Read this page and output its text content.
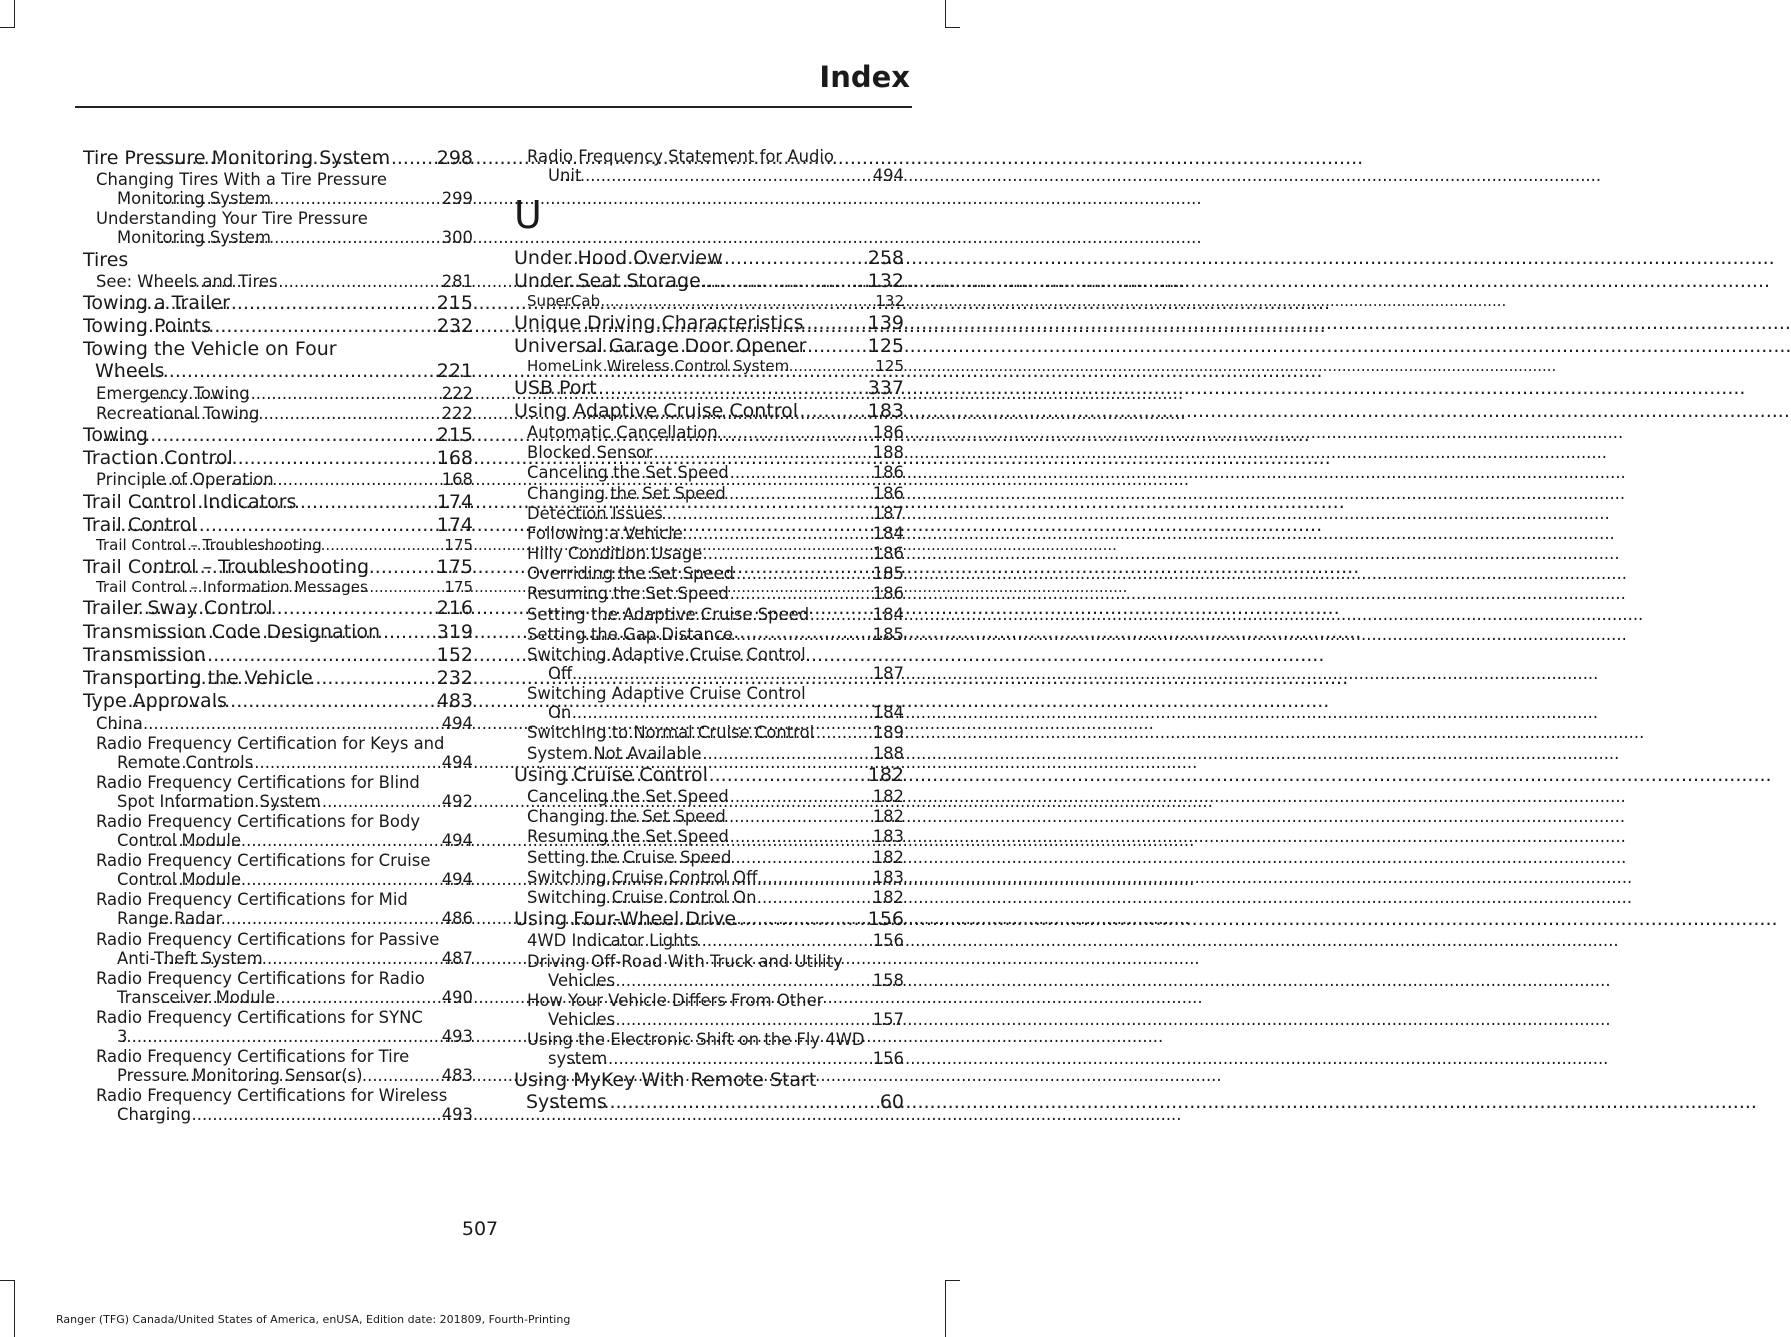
Index
Tire Pressure Monitoring System ..... 298
Changing Tires With a Tire Pressure
Monitoring System .....	299
Understanding Your Tire Pressure
Monitoring System .....	300
Tires
See: Wheels and Tires .....	281
Towing a Trailer .....	215
Towing Points .....	232
Towing the Vehicle on Four
Wheels .....	221
Emergency Towing .....	222
Recreational Towing .....	222
Towing .....	215
Traction Control .....	168
Principle of Operation .....	168
Trail Control Indicators .....	174
Trail Control .....	174
Trail Control – Troubleshooting .....	175
Trail Control – Troubleshooting .....	175
Trail Control – Information Messages .....	175
Trailer Sway Control .....	216
Transmission Code Designation .....	319
Transmission .....	152
Transporting the Vehicle .....	232
Type Approvals .....	483
China .....	494
Radio Frequency Certification for Keys and
Remote Controls .....	494
Radio Frequency Certifications for Blind
Spot Information System .....	492
Radio Frequency Certifications for Body
Control Module .....	494
Radio Frequency Certifications for Cruise
Control Module .....	494
Radio Frequency Certifications for Mid
Range Radar .....	486
Radio Frequency Certifications for Passive
Anti-Theft System .....	487
Radio Frequency Certifications for Radio
Transceiver Module .....	490
Radio Frequency Certifications for SYNC
3 .....	493
Radio Frequency Certifications for Tire
Pressure Monitoring Sensor(s) .....	483
Radio Frequency Certifications for Wireless
Charging .....	493
Radio Frequency Statement for Audio
Unit .....	494
U
Under Hood Overview .....	258
Under Seat Storage .....	132
SuperCab .....	132
Unique Driving Characteristics .....	139
Universal Garage Door Opener .....	125
HomeLink Wireless Control System .....	125
USB Port .....	337
Using Adaptive Cruise Control .....	183
Automatic Cancellation .....	186
Blocked Sensor .....	188
Canceling the Set Speed .....	186
Changing the Set Speed .....	186
Detection Issues .....	187
Following a Vehicle .....	184
Hilly Condition Usage .....	186
Overriding the Set Speed .....	185
Resuming the Set Speed .....	186
Setting the Adaptive Cruise Speed .....	184
Setting the Gap Distance .....	185
Switching Adaptive Cruise Control
Off .....	187
Switching Adaptive Cruise Control
On .....	184
Switching to Normal Cruise Control .....	189
System Not Available .....	188
Using Cruise Control .....	182
Canceling the Set Speed .....	182
Changing the Set Speed .....	182
Resuming the Set Speed .....	183
Setting the Cruise Speed .....	182
Switching Cruise Control Off .....	183
Switching Cruise Control On .....	182
Using Four-Wheel Drive .....	156
4WD Indicator Lights .....	156
Driving Off-Road With Truck and Utility
Vehicles .....	158
How Your Vehicle Differs From Other
Vehicles .....	157
Using the Electronic Shift on the Fly 4WD
system .....	156
Using MyKey With Remote Start
Systems .....	60
507
Ranger (TFG) Canada/United States of America, enUSA, Edition date: 201809, Fourth-Printing
